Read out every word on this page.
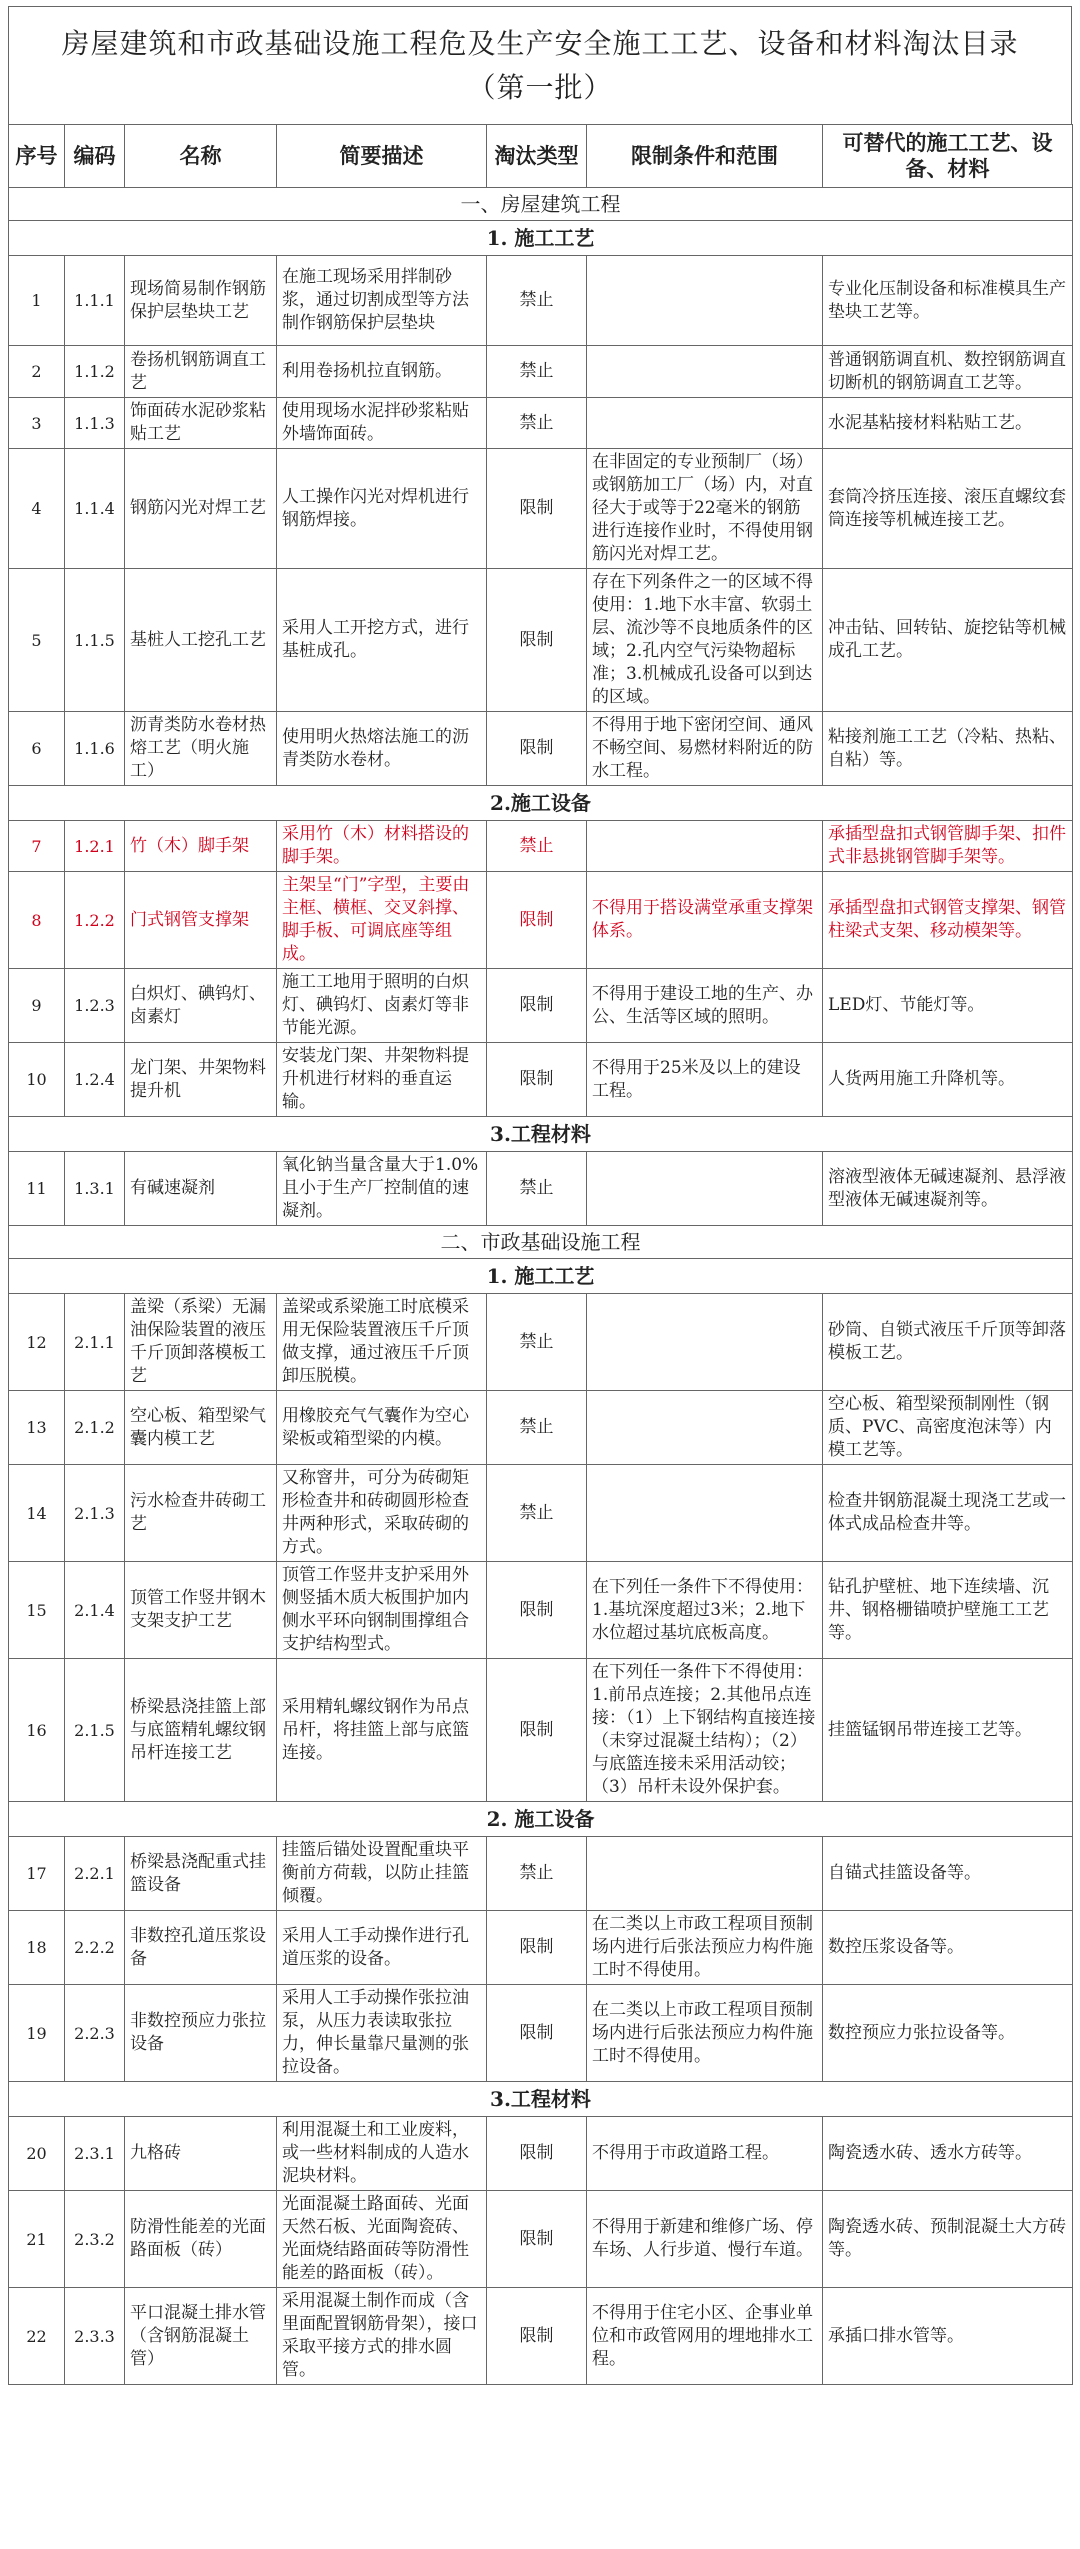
房屋建筑和市政基础设施工程危及生产安全施工工艺、设备和材料淘汰目录（第一批）
序号	编码	名称	简要描述	淘汰类型	限制条件和范围	可替代的施工工艺、设备、材料
一、房屋建筑工程						
1. 施工工艺						
1	1.1.1	现场简易制作钢筋保护层垫块工艺	在施工现场采用拌制砂浆，通过切割成型等方法制作钢筋保护层垫块	禁止		专业化压制设备和标准模具生产垫块工艺等。
2	1.1.2	卷扬机钢筋调直工艺	利用卷扬机拉直钢筋。	禁止		普通钢筋调直机、数控钢筋调直切断机的钢筋调直工艺等。
3	1.1.3	饰面砖水泥砂浆粘贴工艺	使用现场水泥拌砂浆粘贴外墙饰面砖。	禁止		水泥基粘接材料粘贴工艺。
4	1.1.4	钢筋闪光对焊工艺	人工操作闪光对焊机进行钢筋焊接。	限制	在非固定的专业预制厂（场）或钢筋加工厂（场）内，对直径大于或等于22毫米的钢筋进行连接作业时，不得使用钢筋闪光对焊工艺。	套筒冷挤压连接、滚压直螺纹套筒连接等机械连接工艺。
5	1.1.5	基桩人工挖孔工艺	采用人工开挖方式，进行基桩成孔。	限制	存在下列条件之一的区域不得使用：1.地下水丰富、软弱土层、流沙等不良地质条件的区域；2.孔内空气污染物超标准；3.机械成孔设备可以到达的区域。	冲击钻、回转钻、旋挖钻等机械成孔工艺。
6	1.1.6	沥青类防水卷材热熔工艺（明火施工）	使用明火热熔法施工的沥青类防水卷材。	限制	不得用于地下密闭空间、通风不畅空间、易燃材料附近的防水工程。	粘接剂施工工艺（冷粘、热粘、自粘）等。
2.施工设备						
7	1.2.1	竹（木）脚手架	采用竹（木）材料搭设的脚手架。	禁止		承插型盘扣式钢管脚手架、扣件式非悬挑钢管脚手架等。
8	1.2.2	门式钢管支撑架	主架呈“门”字型，主要由主框、横框、交叉斜撑、脚手板、可调底座等组成。	限制	不得用于搭设满堂承重支撑架体系。	承插型盘扣式钢管支撑架、钢管柱梁式支架、移动模架等。
9	1.2.3	白炽灯、碘钨灯、卤素灯	施工工地用于照明的白炽灯、碘钨灯、卤素灯等非节能光源。	限制	不得用于建设工地的生产、办公、生活等区域的照明。	LED灯、节能灯等。
10	1.2.4	龙门架、井架物料提升机	安装龙门架、井架物料提升机进行材料的垂直运输。	限制	不得用于25米及以上的建设工程。	人货两用施工升降机等。
3.工程材料						
11	1.3.1	有碱速凝剂	氧化钠当量含量大于1.0%且小于生产厂控制值的速凝剂。	禁止		溶液型液体无碱速凝剂、悬浮液型液体无碱速凝剂等。
二、市政基础设施工程						
1. 施工工艺						
12	2.1.1	盖梁（系梁）无漏油保险装置的液压千斤顶卸落模板工艺	盖梁或系梁施工时底模采用无保险装置液压千斤顶做支撑，通过液压千斤顶卸压脱模。	禁止		砂筒、自锁式液压千斤顶等卸落模板工艺。
13	2.1.2	空心板、箱型梁气囊内模工艺	用橡胶充气气囊作为空心梁板或箱型梁的内模。	禁止		空心板、箱型梁预制刚性（钢质、PVC、高密度泡沫等）内模工艺等。
14	2.1.3	污水检查井砖砌工艺	又称窨井，可分为砖砌矩形检查井和砖砌圆形检查井两种形式，采取砖砌的方式。	禁止		检查井钢筋混凝土现浇工艺或一体式成品检查井等。
15	2.1.4	顶管工作竖井钢木支架支护工艺	顶管工作竖井支护采用外侧竖插木质大板围护加内侧水平环向钢制围撑组合支护结构型式。	限制	在下列任一条件下不得使用：1.基坑深度超过3米；2.地下水位超过基坑底板高度。	钻孔护壁桩、地下连续墙、沉井、钢格栅锚喷护壁施工工艺等。
16	2.1.5	桥梁悬浇挂篮上部与底篮精轧螺纹钢吊杆连接工艺	采用精轧螺纹钢作为吊点吊杆，将挂篮上部与底篮连接。	限制	在下列任一条件下不得使用：1.前吊点连接；2.其他吊点连接：（1）上下钢结构直接连接（未穿过混凝土结构）；（2）与底篮连接未采用活动铰；（3）吊杆未设外保护套。	挂篮锰钢吊带连接工艺等。
2. 施工设备						
17	2.2.1	桥梁悬浇配重式挂篮设备	挂篮后锚处设置配重块平衡前方荷载，以防止挂篮倾覆。	禁止		自锚式挂篮设备等。
18	2.2.2	非数控孔道压浆设备	采用人工手动操作进行孔道压浆的设备。	限制	在二类以上市政工程项目预制场内进行后张法预应力构件施工时不得使用。	数控压浆设备等。
19	2.2.3	非数控预应力张拉设备	采用人工手动操作张拉油泵，从压力表读取张拉力，伸长量靠尺量测的张拉设备。	限制	在二类以上市政工程项目预制场内进行后张法预应力构件施工时不得使用。	数控预应力张拉设备等。
3.工程材料						
20	2.3.1	九格砖	利用混凝土和工业废料，或一些材料制成的人造水泥块材料。	限制	不得用于市政道路工程。	陶瓷透水砖、透水方砖等。
21	2.3.2	防滑性能差的光面路面板（砖）	光面混凝土路面砖、光面天然石板、光面陶瓷砖、光面烧结路面砖等防滑性能差的路面板（砖）。	限制	不得用于新建和维修广场、停车场、人行步道、慢行车道。	陶瓷透水砖、预制混凝土大方砖等。
22	2.3.3	平口混凝土排水管（含钢筋混凝土管）	采用混凝土制作而成（含里面配置钢筋骨架），接口采取平接方式的排水圆管。	限制	不得用于住宅小区、企事业单位和市政管网用的埋地排水工程。	承插口排水管等。
